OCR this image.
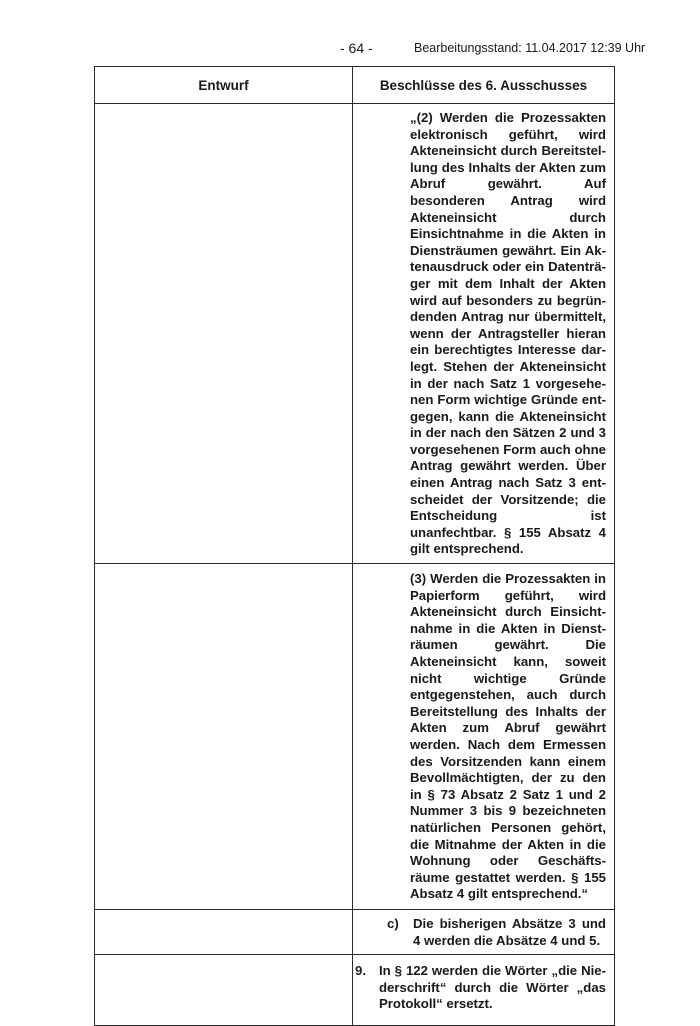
- 64 -	Bearbeitungsstand: 11.04.2017 12:39 Uhr
Entwurf	Beschlüsse des 6. Ausschusses

	„(2) Werden die Prozessakten elektronisch geführt, wird Akteneinsicht durch Bereitstellung des Inhalts der Akten zum Abruf gewährt. Auf besonderen Antrag wird Akteneinsicht durch Einsichtnahme in die Akten in Diensträumen gewährt. Ein Aktenausdruck oder ein Datenträger mit dem Inhalt der Akten wird auf besonders zu begründenden Antrag nur übermittelt, wenn der Antragsteller hieran ein berechtigtes Interesse darlegt. Stehen der Akteneinsicht in der nach Satz 1 vorgesehenen Form wichtige Gründe entgegen, kann die Akteneinsicht in der nach den Sätzen 2 und 3 vorgesehenen Form auch ohne Antrag gewährt werden. Über einen Antrag nach Satz 3 entscheidet der Vorsitzende; die Entscheidung ist unanfechtbar. § 155 Absatz 4 gilt entsprechend.

	(3) Werden die Prozessakten in Papierform geführt, wird Akteneinsicht durch Einsichtnahme in die Akten in Diensträumen gewährt. Die Akteneinsicht kann, soweit nicht wichtige Gründe entgegenstehen, auch durch Bereitstellung des Inhalts der Akten zum Abruf gewährt werden. Nach dem Ermessen des Vorsitzenden kann einem Bevollmächtigten, der zu den in § 73 Absatz 2 Satz 1 und 2 Nummer 3 bis 9 bezeichneten natürlichen Personen gehört, die Mitnahme der Akten in die Wohnung oder Geschäftsräume gestattet werden. § 155 Absatz 4 gilt entsprechend.“

	c) Die bisherigen Absätze 3 und 4 werden die Absätze 4 und 5.

	9. In § 122 werden die Wörter „die Niederschrift“ durch die Wörter „das Protokoll“ ersetzt.
